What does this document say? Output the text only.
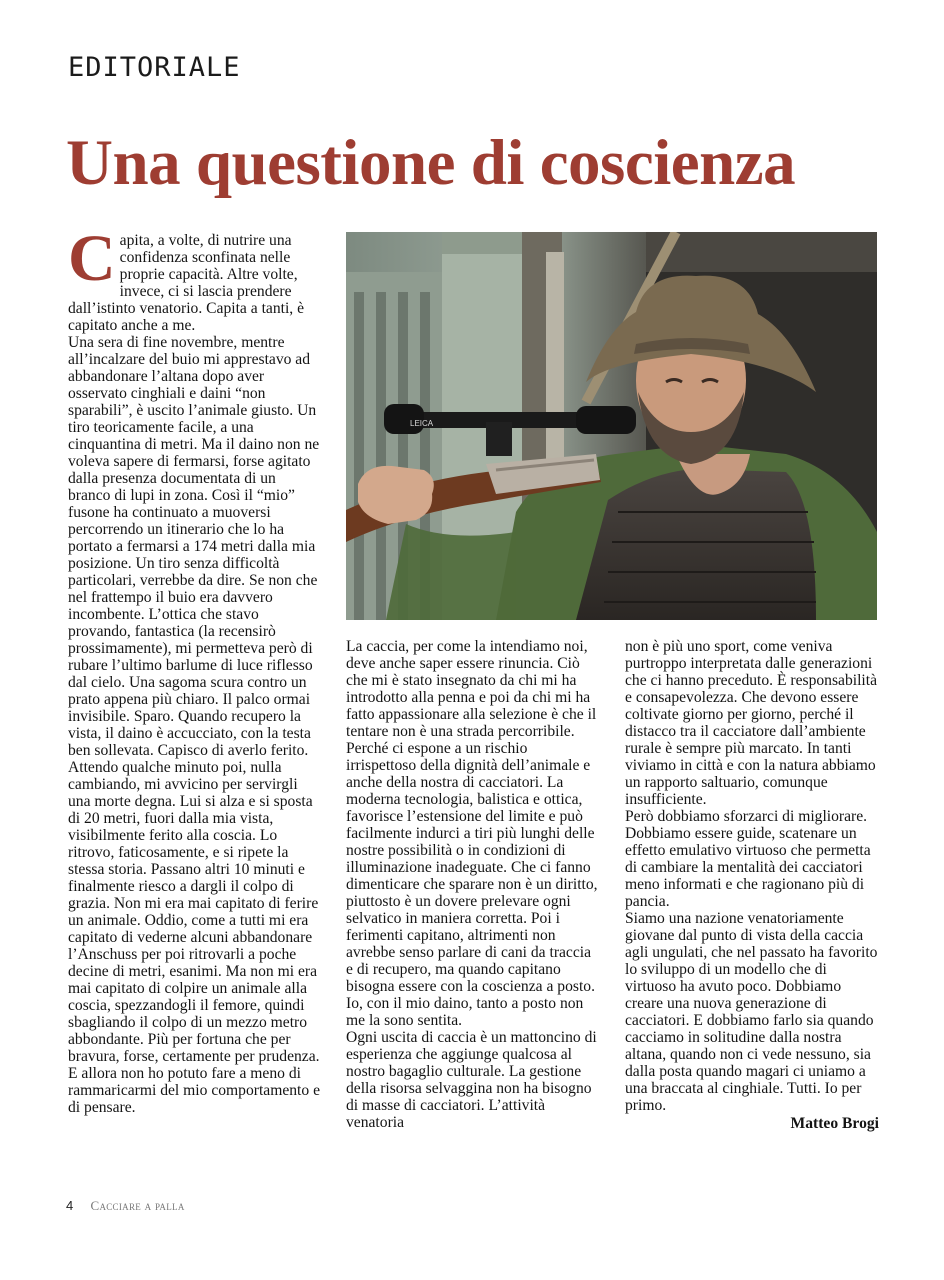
EDITORIALE
Una questione di coscienza

Capita, a volte, di nutrire una confidenza sconfinata nelle proprie capacità. Altre volte, invece, ci si lascia prendere dall’istinto venatorio. Capita a tanti, è capitato anche a me.

Una sera di fine novembre, mentre all’incalzare del buio mi apprestavo ad abbandonare l’altana dopo aver osservato cinghiali e daini “non sparabili”, è uscito l’animale giusto. Un tiro teoricamente facile, a una cinquantina di metri. Ma il daino non ne voleva sapere di fermarsi, forse agitato dalla presenza documentata di un branco di lupi in zona. Così il “mio” fusone ha continuato a muoversi percorrendo un itinerario che lo ha portato a fermarsi a 174 metri dalla mia posizione. Un tiro senza difficoltà particolari, verrebbe da dire. Se non che nel frattempo il buio era davvero incombente. L’ottica che stavo provando, fantastica (la recensirò prossimamente), mi permetteva però di rubare l’ultimo barlume di luce riflesso dal cielo. Una sagoma scura contro un prato appena più chiaro. Il palco ormai invisibile. Sparo. Quando recupero la vista, il daino è accucciato, con la testa ben sollevata. Capisco di averlo ferito. Attendo qualche minuto poi, nulla cambiando, mi avvicino per servirgli una morte degna. Lui si alza e si sposta di 20 metri, fuori dalla mia vista, visibilmente ferito alla coscia. Lo ritrovo, faticosamente, e si ripete la stessa storia. Passano altri 10 minuti e finalmente riesco a dargli il colpo di grazia. Non mi era mai capitato di ferire un animale. Oddio, come a tutti mi era capitato di vederne alcuni abbandonare l’Anschuss per poi ritrovarli a poche decine di metri, esanimi. Ma non mi era mai capitato di colpire un animale alla coscia, spezzandogli il femore, quindi sbagliando il colpo di un mezzo metro abbondante. Più per fortuna che per bravura, forse, certamente per prudenza. E allora non ho potuto fare a meno di rammaricarmi del mio comportamento e di pensare.

LEICA

La caccia, per come la intendiamo noi, deve anche saper essere rinuncia. Ciò che mi è stato insegnato da chi mi ha introdotto alla penna e poi da chi mi ha fatto appassionare alla selezione è che il tentare non è una strada percorribile. Perché ci espone a un rischio irrispettoso della dignità dell’animale e anche della nostra di cacciatori. La moderna tecnologia, balistica e ottica, favorisce l’estensione del limite e può facilmente indurci a tiri più lunghi delle nostre possibilità o in condizioni di illuminazione inadeguate. Che ci fanno dimenticare che sparare non è un diritto, piuttosto è un dovere prelevare ogni selvatico in maniera corretta. Poi i ferimenti capitano, altrimenti non avrebbe senso parlare di cani da traccia e di recupero, ma quando capitano bisogna essere con la coscienza a posto. Io, con il mio daino, tanto a posto non me la sono sentita.

Ogni uscita di caccia è un mattoncino di esperienza che aggiunge qualcosa al nostro bagaglio culturale. La gestione della risorsa selvaggina non ha bisogno di masse di cacciatori. L’attività venatoria

non è più uno sport, come veniva purtroppo interpretata dalle generazioni che ci hanno preceduto. È responsabilità e consapevolezza. Che devono essere coltivate giorno per giorno, perché il distacco tra il cacciatore dall’ambiente rurale è sempre più marcato. In tanti viviamo in città e con la natura abbiamo un rapporto saltuario, comunque insufficiente.

Però dobbiamo sforzarci di migliorare. Dobbiamo essere guide, scatenare un effetto emulativo virtuoso che permetta di cambiare la mentalità dei cacciatori meno informati e che ragionano più di pancia.

Siamo una nazione venatoriamente giovane dal punto di vista della caccia agli ungulati, che nel passato ha favorito lo sviluppo di un modello che di virtuoso ha avuto poco. Dobbiamo creare una nuova generazione di cacciatori. E dobbiamo farlo sia quando cacciamo in solitudine dalla nostra altana, quando non ci vede nessuno, sia dalla posta quando magari ci uniamo a una braccata al cinghiale. Tutti. Io per primo.

Matteo Brogi

4 Cacciare a palla
